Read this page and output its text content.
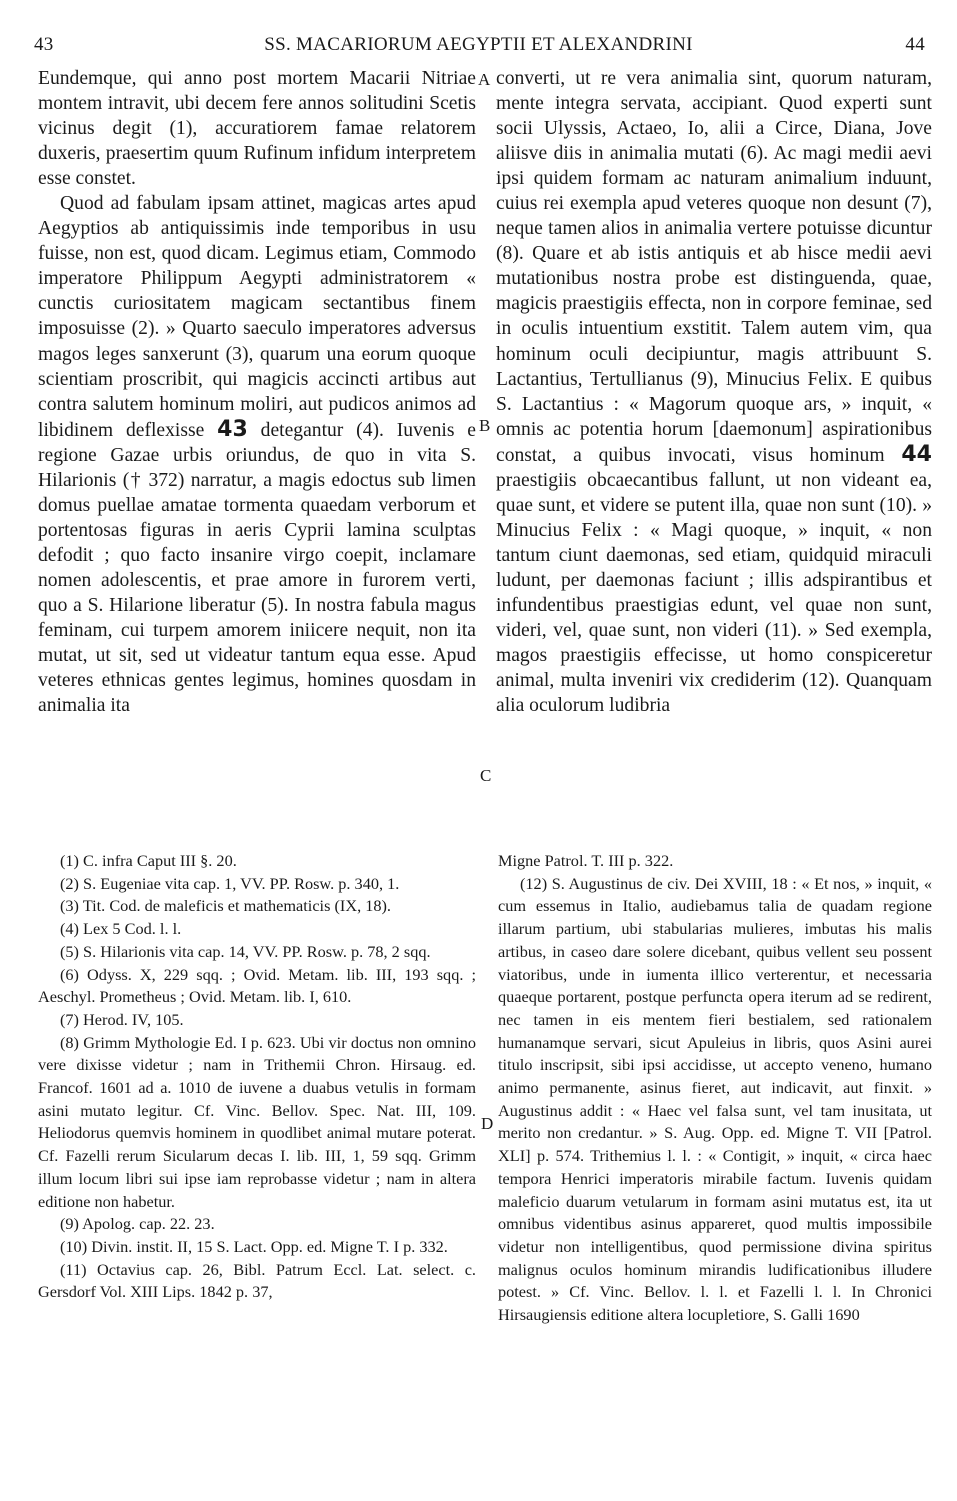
43	SS. MACARIORUM AEGYPTII ET ALEXANDRINI	44

Eundemque, qui anno post mortem Macarii Nitriae montem intravit, ubi decem fere annos solitudini Scetis vicinus degit (1), accuratiorem famae relatorem duxeris, praesertim quum Rufinum infidum interpretem esse constet.

Quod ad fabulam ipsam attinet, magicas artes apud Aegyptios ab antiquissimis inde temporibus in usu fuisse, non est, quod dicam. Legimus etiam, Commodo imperatore Philippum Aegypti administratorem « cunctis curiositatem magicam sectantibus finem imposuisse (2). » Quarto saeculo imperatores adversus magos leges sanxerunt (3), quarum una eorum quoque scientiam proscribit, qui magicis accincti artibus aut contra salutem hominum moliri, aut pudicos animos ad libidinem deflexisse 43 detegantur (4). Iuvenis e regione Gazae urbis oriundus, de quo in vita S. Hilarionis († 372) narratur, a magis edoctus sub limen domus puellae amatae tormenta quaedam verborum et portentosas figuras in aeris Cyprii lamina sculptas defodit ; quo facto insanire virgo coepit, inclamare nomen adolescentis, et prae amore in furorem verti, quo a S. Hilarione liberatur (5). In nostra fabula magus feminam, cui turpem amorem iniicere nequit, non ita mutat, ut sit, sed ut videatur tantum equa esse. Apud veteres ethnicas gentes legimus, homines quosdam in animalia ita

converti, ut re vera animalia sint, quorum naturam, mente integra servata, accipiant. Quod experti sunt socii Ulyssis, Actaeo, Io, alii a Circe, Diana, Jove aliisve diis in animalia mutati (6). Ac magi medii aevi ipsi quidem formam ac naturam animalium induunt, cuius rei exempla apud veteres quoque non desunt (7), neque tamen alios in animalia vertere potuisse dicuntur (8). Quare et ab istis antiquis et ab hisce medii aevi mutationibus nostra probe est distinguenda, quae, magicis praestigiis effecta, non in corpore feminae, sed in oculis intuentium exstitit. Talem autem vim, qua hominum oculi decipiuntur, magis attribuunt S. Lactantius, Tertullianus (9), Minucius Felix. E quibus S. Lactantius : « Magorum quoque ars, » inquit, « omnis ac potentia horum [daemonum] aspirationibus constat, a quibus invocati, visus hominum 44 praestigiis obcaecantibus fallunt, ut non videant ea, quae sunt, et videre se putent illa, quae non sunt (10). » Minucius Felix : « Magi quoque, » inquit, « non tantum ciunt daemonas, sed etiam, quidquid miraculi ludunt, per daemonas faciunt ; illis adspirantibus et infundentibus praestigias edunt, vel quae non sunt, videri, vel, quae sunt, non videri (11). » Sed exempla, magos praestigiis effecisse, ut homo conspiceretur animal, multa inveniri vix crediderim (12). Quanquam alia oculorum ludibria

A
B
C
D

(1) C. infra Caput III §. 20.

(2) S. Eugeniae vita cap. 1, VV. PP. Rosw. p. 340, 1.

(3) Tit. Cod. de maleficis et mathematicis (IX, 18).

(4) Lex 5 Cod. l. l.

(5) S. Hilarionis vita cap. 14, VV. PP. Rosw. p. 78, 2 sqq.

(6) Odyss. X, 229 sqq. ; Ovid. Metam. lib. III, 193 sqq. ; Aeschyl. Prometheus ; Ovid. Metam. lib. I, 610.

(7) Herod. IV, 105.

(8) Grimm Mythologie Ed. I p. 623. Ubi vir doctus non omnino vere dixisse videtur ; nam in Trithemii Chron. Hirsaug. ed. Francof. 1601 ad a. 1010 de iuvene a duabus vetulis in formam asini mutato legitur. Cf. Vinc. Bellov. Spec. Nat. III, 109. Heliodorus quemvis hominem in quodlibet animal mutare poterat. Cf. Fazelli rerum Sicularum decas I. lib. III, 1, 59 sqq. Grimm illum locum libri sui ipse iam reprobasse videtur ; nam in altera editione non habetur.

(9) Apolog. cap. 22. 23.

(10) Divin. instit. II, 15 S. Lact. Opp. ed. Migne T. I p. 332.

(11) Octavius cap. 26, Bibl. Patrum Eccl. Lat. select. c. Gersdorf Vol. XIII Lips. 1842 p. 37,

Migne Patrol. T. III p. 322.

(12) S. Augustinus de civ. Dei XVIII, 18 : « Et nos, » inquit, « cum essemus in Italio, audiebamus talia de quadam regione illarum partium, ubi stabularias mulieres, imbutas his malis artibus, in caseo dare solere dicebant, quibus vellent seu possent viatoribus, unde in iumenta illico verterentur, et necessaria quaeque portarent, postque perfuncta opera iterum ad se redirent, nec tamen in eis mentem fieri bestialem, sed rationalem humanamque servari, sicut Apuleius in libris, quos Asini aurei titulo inscripsit, sibi ipsi accidisse, ut accepto veneno, humano animo permanente, asinus fieret, aut indicavit, aut finxit. » Augustinus addit : « Haec vel falsa sunt, vel tam inusitata, ut merito non credantur. » S. Aug. Opp. ed. Migne T. VII [Patrol. XLI] p. 574. Trithemius l. l. : « Contigit, » inquit, « circa haec tempora Henrici imperatoris mirabile factum. Iuvenis quidam maleficio duarum vetularum in formam asini mutatus est, ita ut omnibus videntibus asinus appareret, quod multis impossibile videtur non intelligentibus, quod permissione divina spiritus malignus oculos hominum mirandis ludificationibus illudere potest. » Cf. Vinc. Bellov. l. l. et Fazelli l. l. In Chronici Hirsaugiensis editione altera locupletiore, S. Galli 1690
